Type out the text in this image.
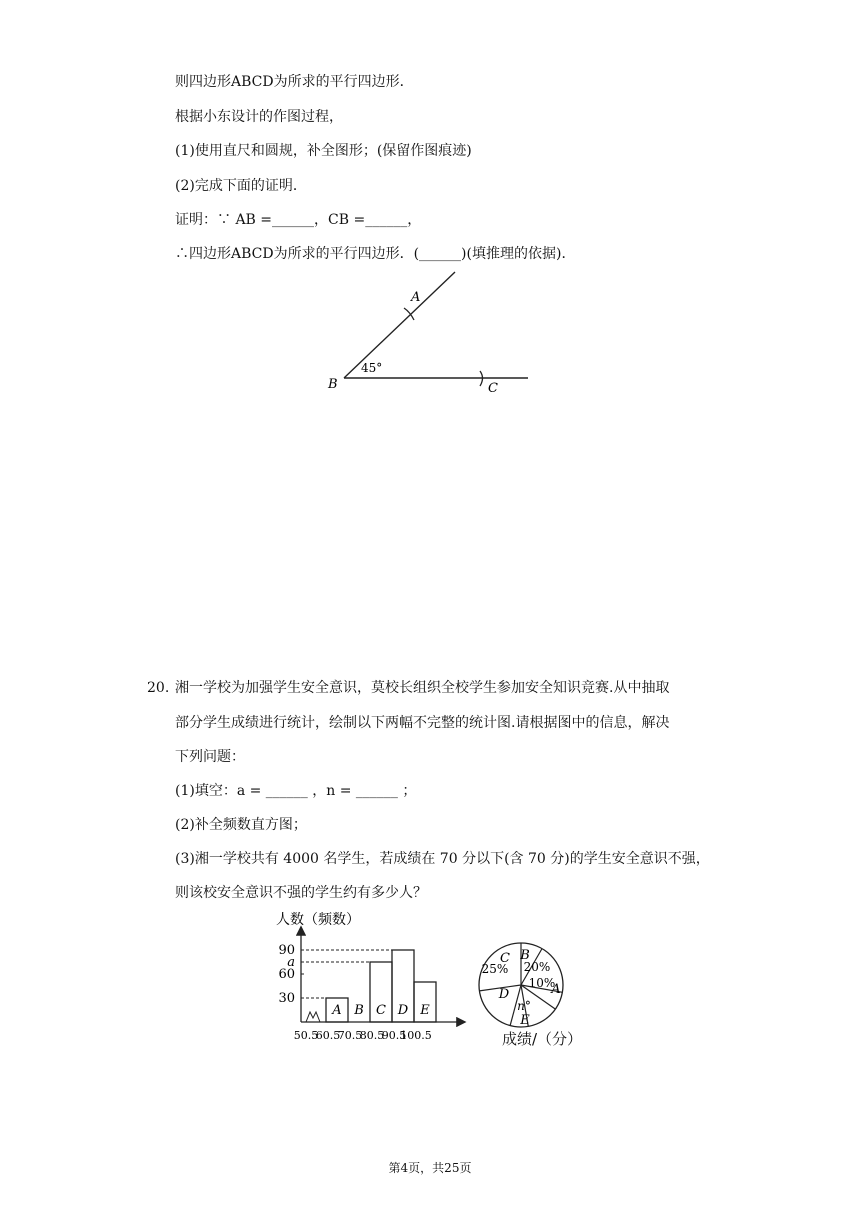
则四边形ABCD为所求的平行四边形．
根据小东设计的作图过程，
(1)使用直尺和圆规，补全图形；(保留作图痕迹)
(2)完成下面的证明．
证明：∵ AB =______，CB =______，
∴四边形ABCD为所求的平行四边形．(______)(填推理的依据)．
A
B	C
45°
20. 湘一学校为加强学生安全意识，莫校长组织全校学生参加安全知识竞赛.从中抽取
部分学生成绩进行统计，绘制以下两幅不完整的统计图.请根据图中的信息，解决
下列问题：
(1)填空：a = ______ ，n = ______ ；
(2)补全频数直方图；
(3)湘一学校共有 4000 名学生，若成绩在 70 分以下(含 70 分)的学生安全意识不强，
则该校安全意识不强的学生约有多少人？
人数（频数）
30
60
a
90
50.5
60.5
70.5
80.5
90.5
100.5
A B C D E
成绩/（分）
A
10%
B
20%
C
25%
D
E
n°
第4页，共25页
